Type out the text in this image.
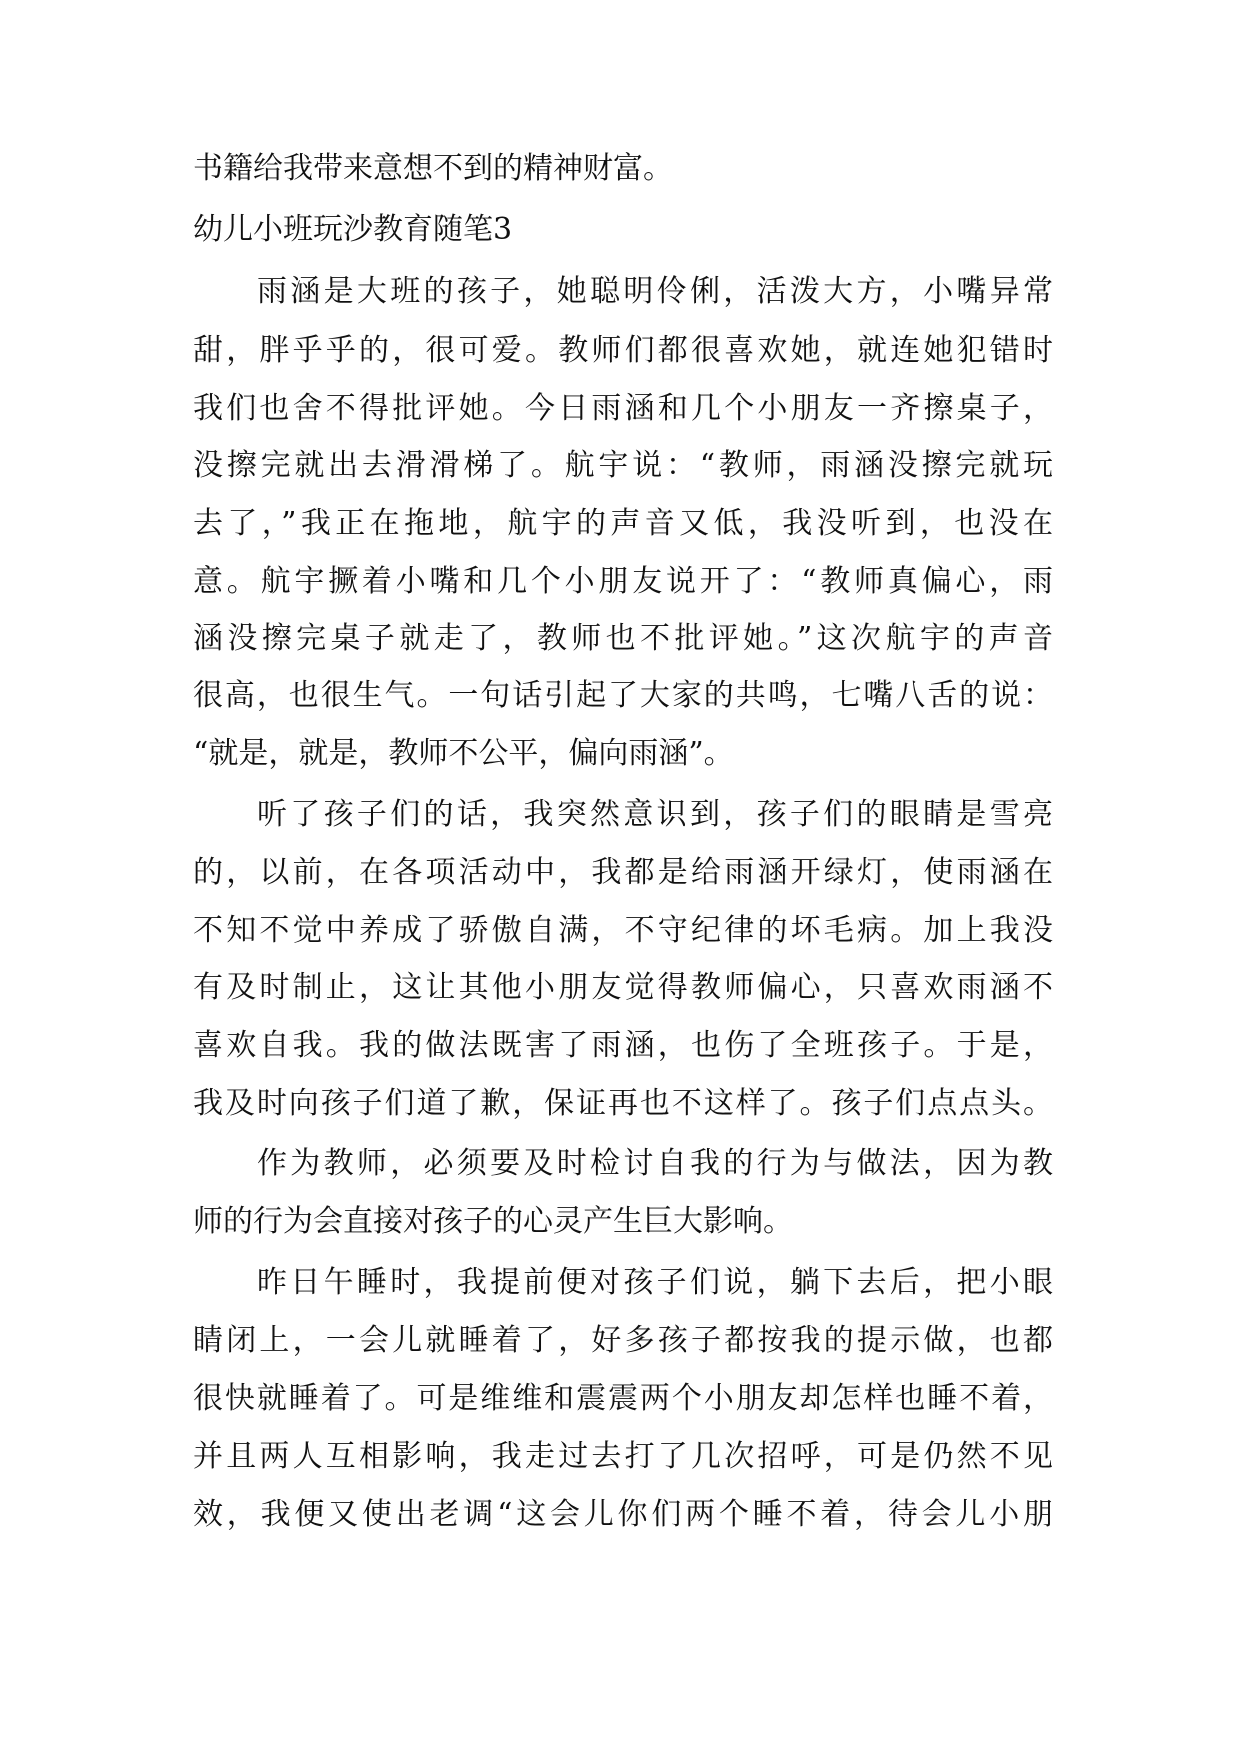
书籍给我带来意想不到的精神财富。
幼儿小班玩沙教育随笔3
雨涵是大班的孩子，她聪明伶俐，活泼大方，小嘴异常
甜，胖乎乎的，很可爱。教师们都很喜欢她，就连她犯错时
我们也舍不得批评她。今日雨涵和几个小朋友一齐擦桌子，
没擦完就出去滑滑梯了。航宇说：“教师，雨涵没擦完就玩
去了，”我正在拖地，航宇的声音又低，我没听到，也没在
意。航宇撅着小嘴和几个小朋友说开了：“教师真偏心，雨
涵没擦完桌子就走了，教师也不批评她。”这次航宇的声音
很高，也很生气。一句话引起了大家的共鸣，七嘴八舌的说：
“就是，就是，教师不公平，偏向雨涵”。
听了孩子们的话，我突然意识到，孩子们的眼睛是雪亮
的，以前，在各项活动中，我都是给雨涵开绿灯，使雨涵在
不知不觉中养成了骄傲自满，不守纪律的坏毛病。加上我没
有及时制止，这让其他小朋友觉得教师偏心，只喜欢雨涵不
喜欢自我。我的做法既害了雨涵，也伤了全班孩子。于是，
我及时向孩子们道了歉，保证再也不这样了。孩子们点点头。
作为教师，必须要及时检讨自我的行为与做法，因为教
师的行为会直接对孩子的心灵产生巨大影响。
昨日午睡时，我提前便对孩子们说，躺下去后，把小眼
睛闭上，一会儿就睡着了，好多孩子都按我的提示做，也都
很快就睡着了。可是维维和震震两个小朋友却怎样也睡不着，
并且两人互相影响，我走过去打了几次招呼，可是仍然不见
效，我便又使出老调“这会儿你们两个睡不着，待会儿小朋
